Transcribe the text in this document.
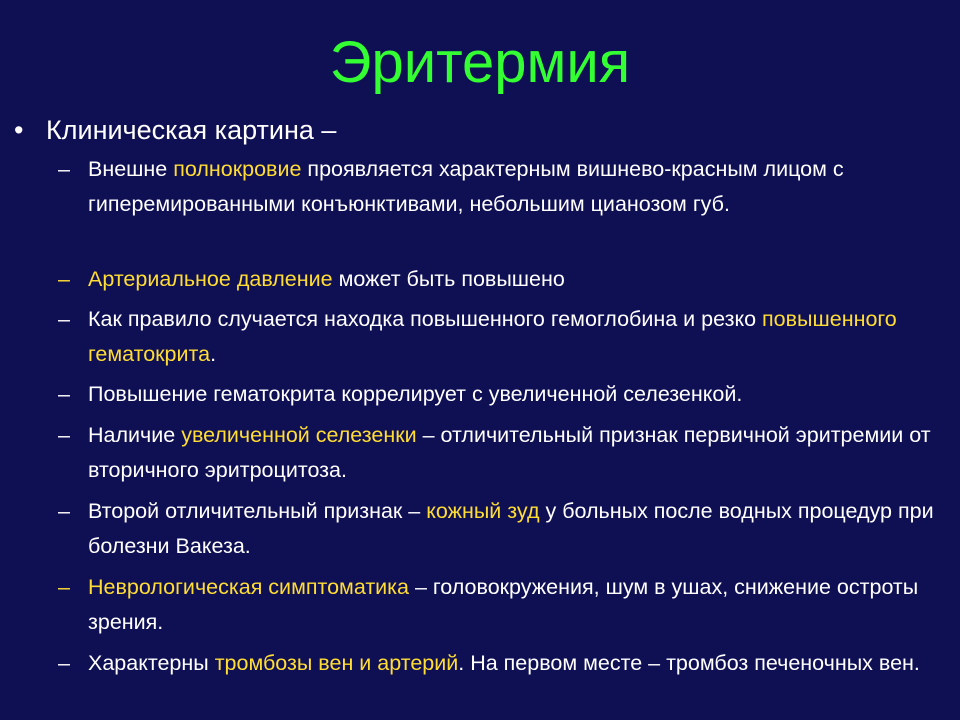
Эритермия
• Клиническая картина –
– Внешне полнокровие проявляется характерным вишнево-красным лицом с гиперемированными конъюнктивами, небольшим цианозом губ.
– Артериальное давление может быть повышено
– Как правило случается находка повышенного гемоглобина и резко повышенного гематокрита.
– Повышение гематокрита коррелирует с увеличенной селезенкой.
– Наличие увеличенной селезенки – отличительный признак первичной эритремии от вторичного эритроцитоза.
– Второй отличительный признак – кожный зуд у больных после водных процедур при болезни Вакеза.
– Неврологическая симптоматика – головокружения, шум в ушах, снижение остроты зрения.
– Характерны тромбозы вен и артерий. На первом месте – тромбоз печеночных вен.
